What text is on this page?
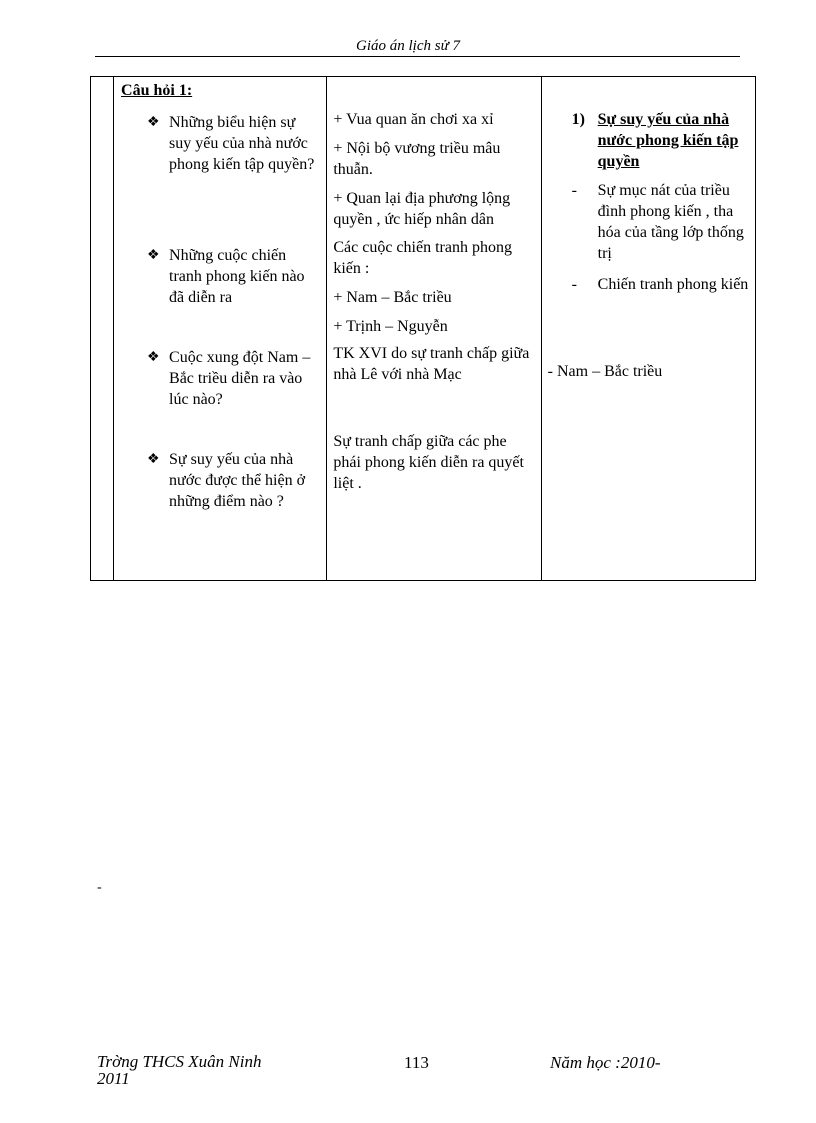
Giáo án lịch sử 7

Câu hỏi 1:
❖ Những biểu hiện sự suy yếu của nhà nước phong kiến tập quyền?
❖ Những cuộc chiến tranh phong kiến nào đã diễn ra
❖ Cuộc xung đột Nam – Bắc triều diễn ra vào lúc nào?
❖ Sự suy yếu của nhà nước được thể hiện ở những điểm nào ?

+ Vua quan ăn chơi xa xỉ
+ Nội bộ vương triều mâu thuẫn.
+ Quan lại địa phương lộng quyền , ức hiếp nhân dân
Các cuộc chiến tranh phong kiến :
+ Nam – Bắc triều
+ Trịnh – Nguyễn
TK XVI do sự tranh chấp giữa nhà Lê với nhà Mạc
Sự tranh chấp giữa các phe phái phong kiến diễn ra quyết liệt .

1) Sự suy yếu của nhà nước phong kiến tập quyền
- Sự mục nát của triều đình phong kiến , tha hóa của tầng lớp thống trị
- Chiến tranh phong kiến
- Nam – Bắc triều
-
Trờng THCS Xuân Ninh
2011
113	Năm học :2010-
